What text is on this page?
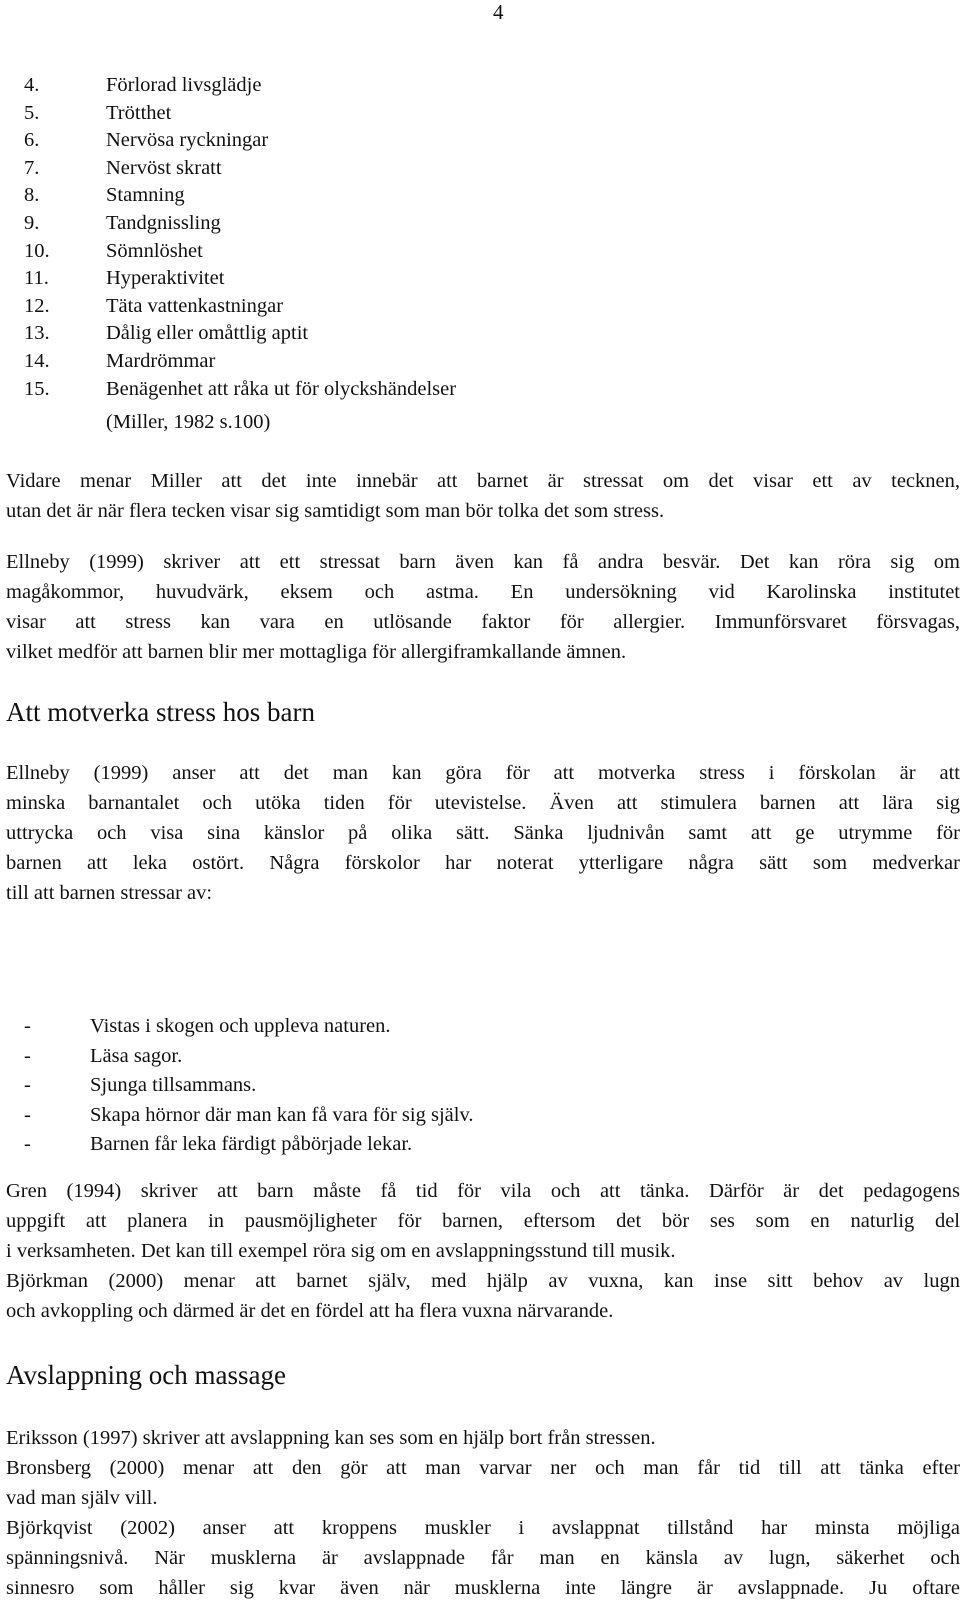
4
4.	Förlorad livsglädje
5.	Trötthet
6.	Nervösa ryckningar
7.	Nervöst skratt
8.	Stamning
9.	Tandgnissling
10.	Sömnlöshet
11.	Hyperaktivitet
12.	Täta vattenkastningar
13.	Dålig eller omåttlig aptit
14.	Mardrömmar
15.	Benägenhet att råka ut för olyckshändelser
(Miller, 1982 s.100)

Vidare menar Miller att det inte innebär att barnet är stressat om det visar ett av tecknen,

utan det är när flera tecken visar sig samtidigt som man bör tolka det som stress.

Ellneby (1999) skriver att ett stressat barn även kan få andra besvär. Det kan röra sig om

magåkommor, huvudvärk, eksem och astma. En undersökning vid Karolinska institutet

visar att stress kan vara en utlösande faktor för allergier. Immunförsvaret försvagas,

vilket medför att barnen blir mer mottagliga för allergiframkallande ämnen.

Att motverka stress hos barn

Ellneby (1999) anser att det man kan göra för att motverka stress i förskolan är att

minska barnantalet och utöka tiden för utevistelse. Även att stimulera barnen att lära sig

uttrycka och visa sina känslor på olika sätt. Sänka ljudnivån samt att ge utrymme för

barnen att leka ostört. Några förskolor har noterat ytterligare några sätt som medverkar

till att barnen stressar av:

-	Vistas i skogen och uppleva naturen.
-	Läsa sagor.
-	Sjunga tillsammans.
-	Skapa hörnor där man kan få vara för sig själv.
-	Barnen får leka färdigt påbörjade lekar.

Gren (1994) skriver att barn måste få tid för vila och att tänka. Därför är det pedagogens

uppgift att planera in pausmöjligheter för barnen, eftersom det bör ses som en naturlig del

i verksamheten. Det kan till exempel röra sig om en avslappningsstund till musik.

Björkman (2000) menar att barnet själv, med hjälp av vuxna, kan inse sitt behov av lugn

och avkoppling och därmed är det en fördel att ha flera vuxna närvarande.

Avslappning och massage

Eriksson (1997) skriver att avslappning kan ses som en hjälp bort från stressen.

Bronsberg (2000) menar att den gör att man varvar ner och man får tid till att tänka efter

vad man själv vill.

Björkqvist (2002) anser att kroppens muskler i avslappnat tillstånd har minsta möjliga

spänningsnivå. När musklerna är avslappnade får man en känsla av lugn, säkerhet och

sinnesro som håller sig kvar även när musklerna inte längre är avslappnade. Ju oftare
